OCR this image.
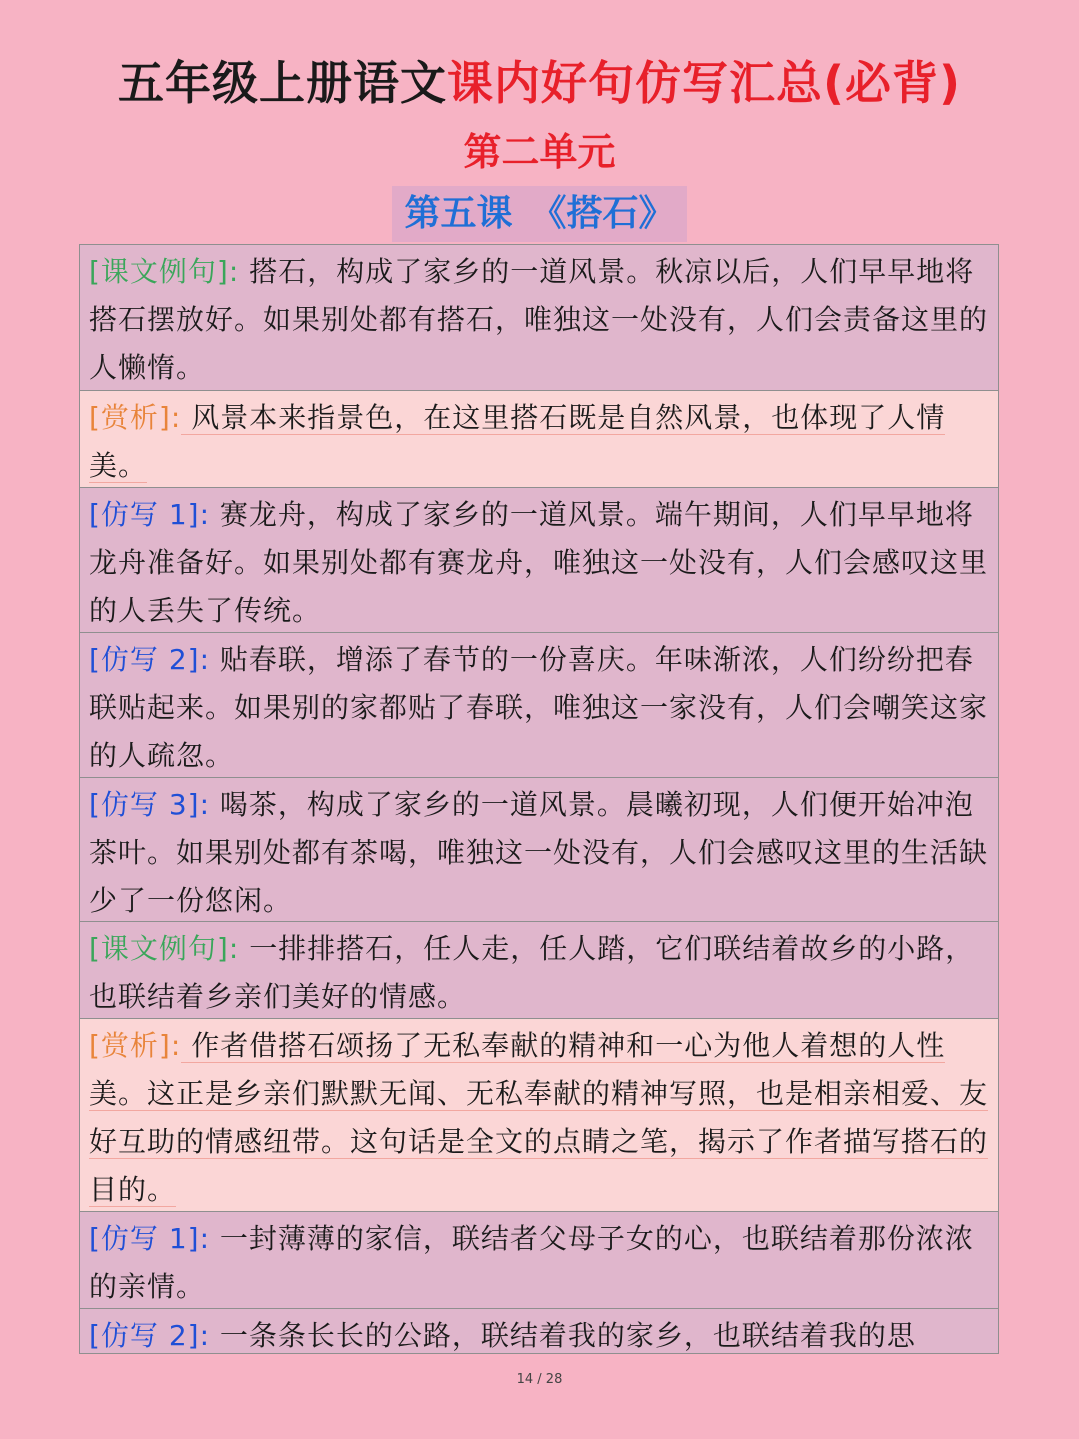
五年级上册语文课内好句仿写汇总(必背)
第二单元
第五课　《搭石》
[课文例句]: 搭石，构成了家乡的一道风景。秋凉以后，人们早早地将搭石摆放好。如果别处都有搭石，唯独这一处没有，人们会责备这里的人懒惰。
[赏析]: 风景本来指景色，在这里搭石既是自然风景，也体现了人情美。
[仿写 1]: 赛龙舟，构成了家乡的一道风景。端午期间，人们早早地将龙舟准备好。如果别处都有赛龙舟，唯独这一处没有，人们会感叹这里的人丢失了传统。
[仿写 2]: 贴春联，增添了春节的一份喜庆。年味渐浓，人们纷纷把春联贴起来。如果别的家都贴了春联，唯独这一家没有，人们会嘲笑这家的人疏忽。
[仿写 3]: 喝茶，构成了家乡的一道风景。晨曦初现，人们便开始冲泡茶叶。如果别处都有茶喝，唯独这一处没有，人们会感叹这里的生活缺少了一份悠闲。
[课文例句]: 一排排搭石，任人走，任人踏，它们联结着故乡的小路，也联结着乡亲们美好的情感。
[赏析]: 作者借搭石颂扬了无私奉献的精神和一心为他人着想的人性美。这正是乡亲们默默无闻、无私奉献的精神写照，也是相亲相爱、友好互助的情感纽带。这句话是全文的点睛之笔，揭示了作者描写搭石的目的。
[仿写 1]: 一封薄薄的家信，联结者父母子女的心，也联结着那份浓浓的亲情。
[仿写 2]: 一条条长长的公路，联结着我的家乡，也联结着我的思
14 / 28
